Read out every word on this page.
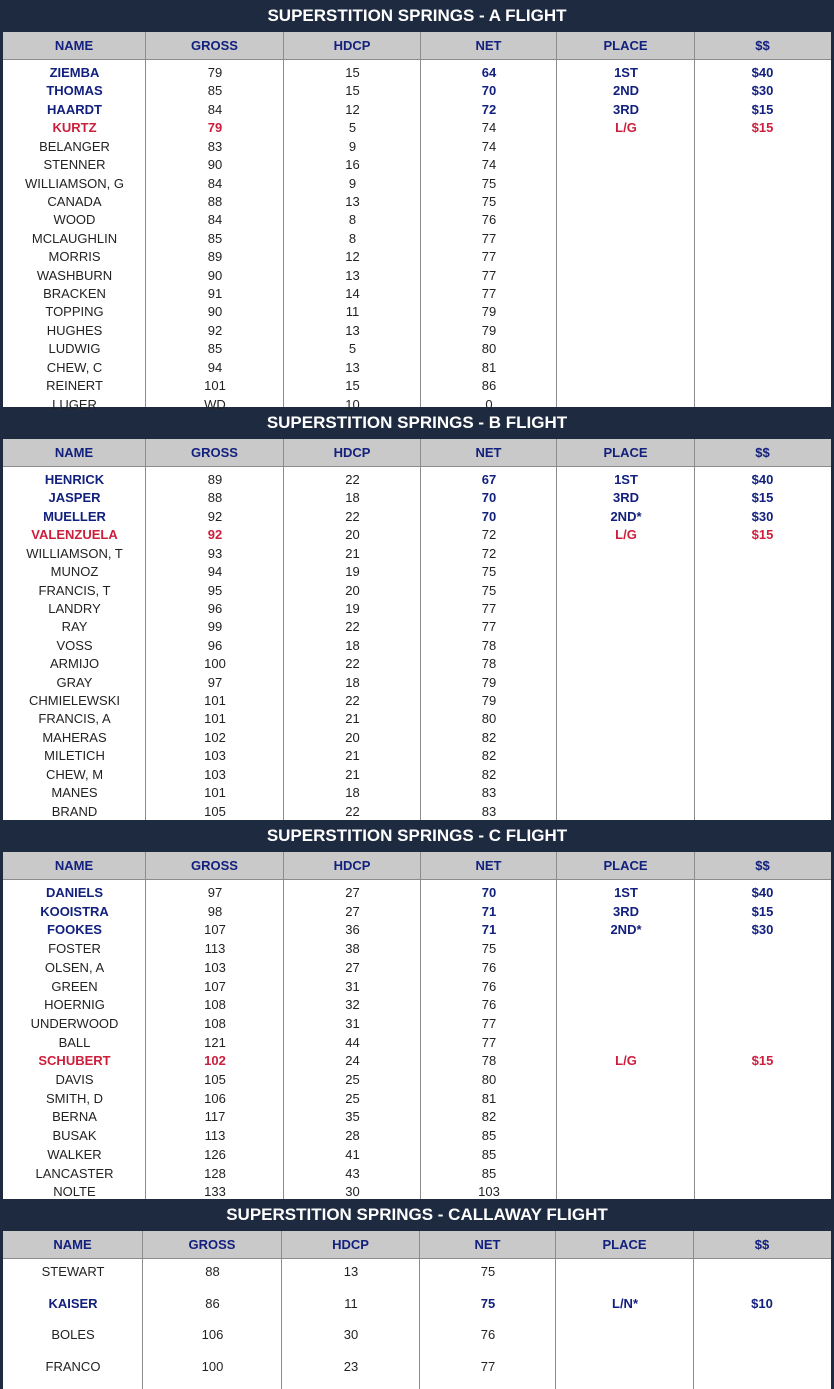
SUPERSTITION SPRINGS - A FLIGHT
NAME	GROSS	HDCP	NET	PLACE	$$
ZIEMBA	79	15	64	1ST	$40
THOMAS	85	15	70	2ND	$30
HAARDT	84	12	72	3RD	$15
KURTZ	79	5	74	L/G	$15
BELANGER	83	9	74
STENNER	90	16	74
WILLIAMSON, G	84	9	75
CANADA	88	13	75
WOOD	84	8	76
MCLAUGHLIN	85	8	77
MORRIS	89	12	77
WASHBURN	90	13	77
BRACKEN	91	14	77
TOPPING	90	11	79
HUGHES	92	13	79
LUDWIG	85	5	80
CHEW, C	94	13	81
REINERT	101	15	86
LUGER	WD	10	0
SUPERSTITION SPRINGS - B FLIGHT
NAME	GROSS	HDCP	NET	PLACE	$$
HENRICK	89	22	67	1ST	$40
JASPER	88	18	70	3RD	$15
MUELLER	92	22	70	2ND*	$30
VALENZUELA	92	20	72	L/G	$15
WILLIAMSON, T	93	21	72
MUNOZ	94	19	75
FRANCIS, T	95	20	75
LANDRY	96	19	77
RAY	99	22	77
VOSS	96	18	78
ARMIJO	100	22	78
GRAY	97	18	79
CHMIELEWSKI	101	22	79
FRANCIS, A	101	21	80
MAHERAS	102	20	82
MILETICH	103	21	82
CHEW, M	103	21	82
MANES	101	18	83
BRAND	105	22	83
SUPERSTITION SPRINGS - C FLIGHT
NAME	GROSS	HDCP	NET	PLACE	$$
DANIELS	97	27	70	1ST	$40
KOOISTRA	98	27	71	3RD	$15
FOOKES	107	36	71	2ND*	$30
FOSTER	113	38	75
OLSEN, A	103	27	76
GREEN	107	31	76
HOERNIG	108	32	76
UNDERWOOD	108	31	77
BALL	121	44	77
SCHUBERT	102	24	78	L/G	$15
DAVIS	105	25	80
SMITH, D	106	25	81
BERNA	117	35	82
BUSAK	113	28	85
WALKER	126	41	85
LANCASTER	128	43	85
NOLTE	133	30	103
SUPERSTITION SPRINGS - CALLAWAY FLIGHT
NAME	GROSS	HDCP	NET	PLACE	$$
STEWART	88	13	75
KAISER	86	11	75	L/N*	$10
BOLES	106	30	76
FRANCO	100	23	77
